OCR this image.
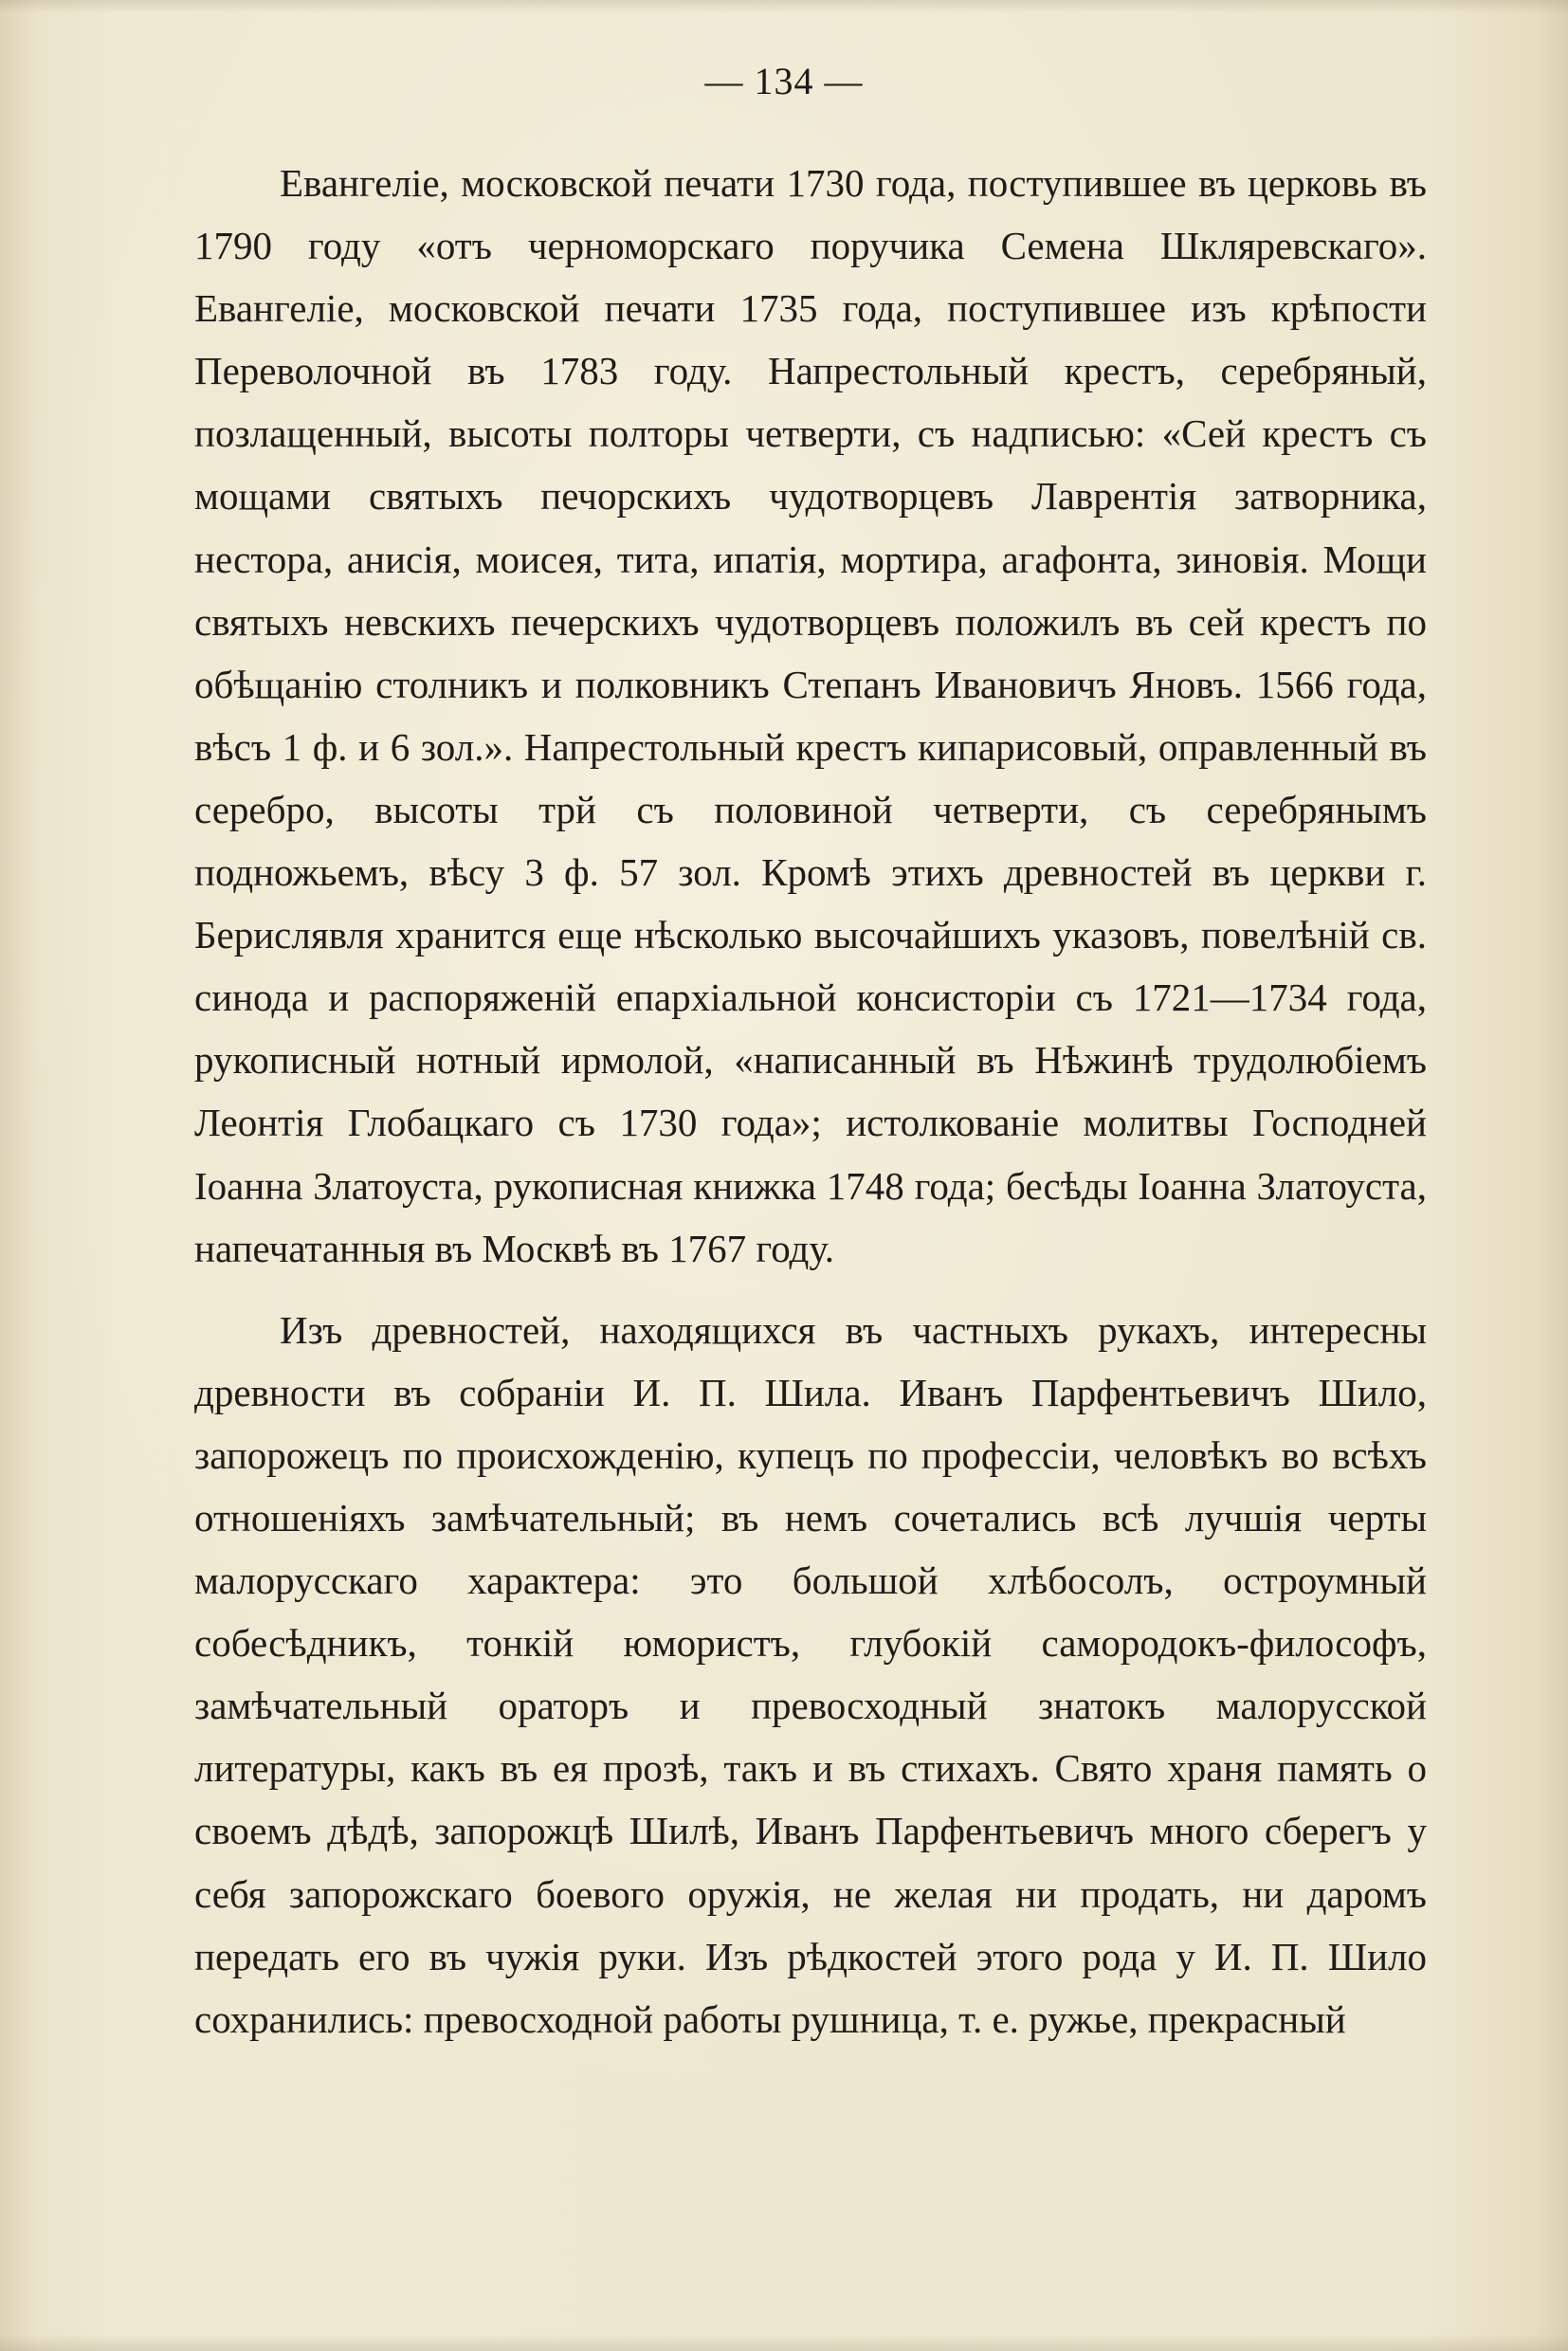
— 134 —

Евангеліе, московской печати 1730 года, поступившее въ церковь въ 1790 году «отъ черноморскаго поручика Семена Шкляревскаго». Евангеліе, московской печати 1735 года, поступившее изъ крѣпости Переволочной въ 1783 году. Напрестольный крестъ, серебряный, позлащенный, высоты полторы четверти, съ надписью: «Сей крестъ съ мощами святыхъ печорскихъ чудотворцевъ Лаврентія затворника, нестора, анисія, моисея, тита, ипатія, мортира, агафонта, зиновія. Мощи святыхъ невскихъ печерскихъ чудотворцевъ положилъ въ сей крестъ по обѣщанію столникъ и полковникъ Степанъ Ивановичъ Яновъ. 1566 года, вѣсъ 1 ф. и 6 зол.». Напрестольный крестъ кипарисовый, оправленный въ серебро, высоты трй съ половиной четверти, съ серебрянымъ подножьемъ, вѣсу 3 ф. 57 зол. Кромѣ этихъ древностей въ церкви г. Берислявля хранится еще нѣсколько высочайшихъ указовъ, повелѣній св. синода и распоряженій епархіальной консисторіи съ 1721—1734 года, рукописный нотный ирмолой, «написанный въ Нѣжинѣ трудолюбіемъ Леонтія Глобацкаго съ 1730 года»; истолкованіе молитвы Господней Іоанна Златоуста, рукописная книжка 1748 года; бесѣды Іоанна Златоуста, напечатанныя въ Москвѣ въ 1767 году.

Изъ древностей, находящихся въ частныхъ рукахъ, интересны древности въ собраніи И. П. Шила. Иванъ Парфентьевичъ Шило, запорожецъ по происхожденію, купецъ по профессіи, человѣкъ во всѣхъ отношеніяхъ замѣчательный; въ немъ сочетались всѣ лучшія черты малорусскаго характера: это большой хлѣбосолъ, остроумный собесѣдникъ, тонкій юмористъ, глубокій самородокъ-философъ, замѣчательный ораторъ и превосходный знатокъ малорусской литературы, какъ въ ея прозѣ, такъ и въ стихахъ. Свято храня память о своемъ дѣдѣ, запорожцѣ Шилѣ, Иванъ Парфентьевичъ много сберегъ у себя запорожскаго боевого оружія, не желая ни продать, ни даромъ передать его въ чужія руки. Изъ рѣдкостей этого рода у И. П. Шило сохранились: превосходной работы рушница, т. е. ружье, прекрасный
